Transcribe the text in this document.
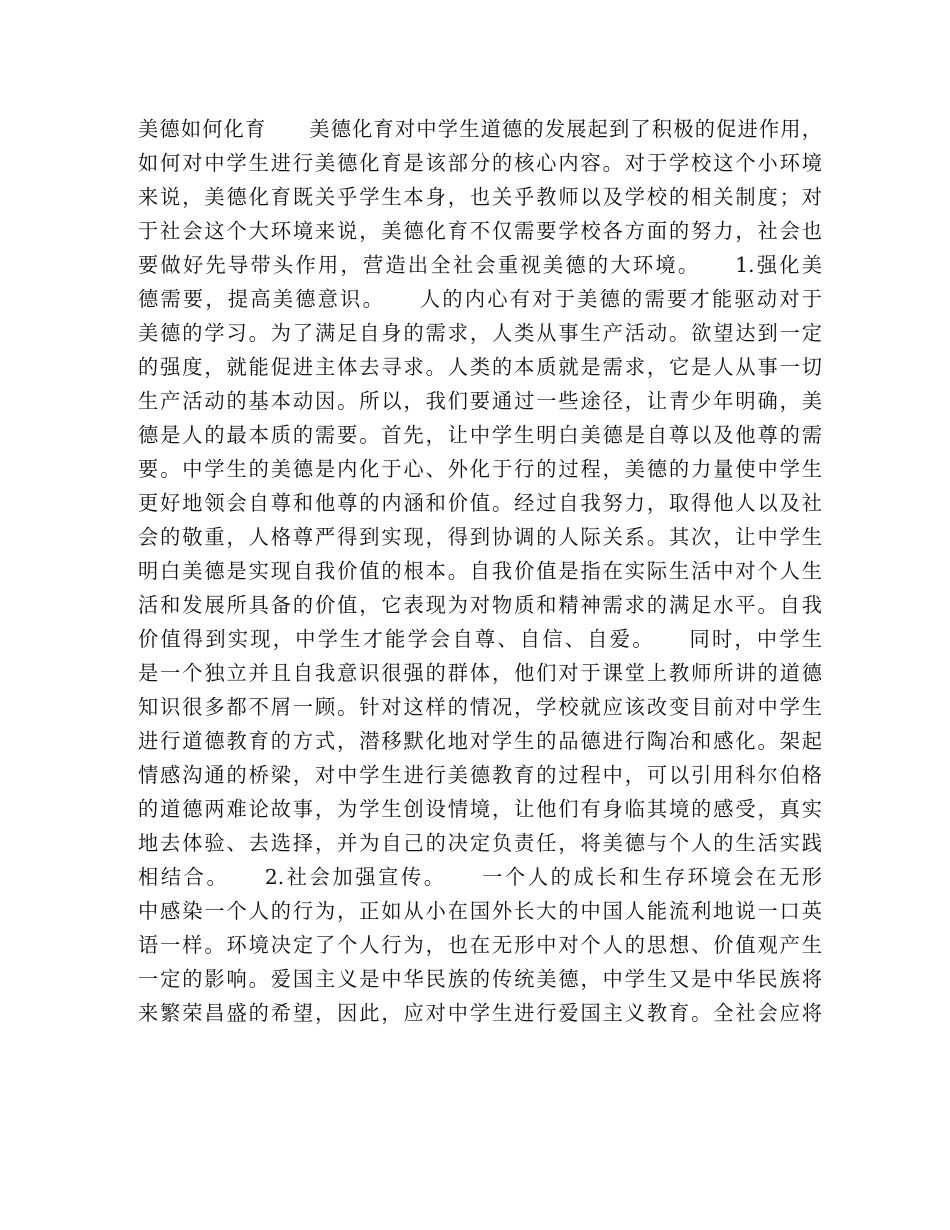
美德如何化育　　美德化育对中学生道德的发展起到了积极的促进作用，
如何对中学生进行美德化育是该部分的核心内容。对于学校这个小环境
来说，美德化育既关乎学生本身，也关乎教师以及学校的相关制度；对
于社会这个大环境来说，美德化育不仅需要学校各方面的努力，社会也
要做好先导带头作用，营造出全社会重视美德的大环境。　　1.强化美
德需要，提高美德意识。　　人的内心有对于美德的需要才能驱动对于
美德的学习。为了满足自身的需求，人类从事生产活动。欲望达到一定
的强度，就能促进主体去寻求。人类的本质就是需求，它是人从事一切
生产活动的基本动因。所以，我们要通过一些途径，让青少年明确，美
德是人的最本质的需要。首先，让中学生明白美德是自尊以及他尊的需
要。中学生的美德是内化于心、外化于行的过程，美德的力量使中学生
更好地领会自尊和他尊的内涵和价值。经过自我努力，取得他人以及社
会的敬重，人格尊严得到实现，得到协调的人际关系。其次，让中学生
明白美德是实现自我价值的根本。自我价值是指在实际生活中对个人生
活和发展所具备的价值，它表现为对物质和精神需求的满足水平。自我
价值得到实现，中学生才能学会自尊、自信、自爱。　　同时，中学生
是一个独立并且自我意识很强的群体，他们对于课堂上教师所讲的道德
知识很多都不屑一顾。针对这样的情况，学校就应该改变目前对中学生
进行道德教育的方式，潜移默化地对学生的品德进行陶冶和感化。架起
情感沟通的桥梁，对中学生进行美德教育的过程中，可以引用科尔伯格
的道德两难论故事，为学生创设情境，让他们有身临其境的感受，真实
地去体验、去选择，并为自己的决定负责任，将美德与个人的生活实践
相结合。　　2.社会加强宣传。　　一个人的成长和生存环境会在无形
中感染一个人的行为，正如从小在国外长大的中国人能流利地说一口英
语一样。环境决定了个人行为，也在无形中对个人的思想、价值观产生
一定的影响。爱国主义是中华民族的传统美德，中学生又是中华民族将
来繁荣昌盛的希望，因此，应对中学生进行爱国主义教育。全社会应将
